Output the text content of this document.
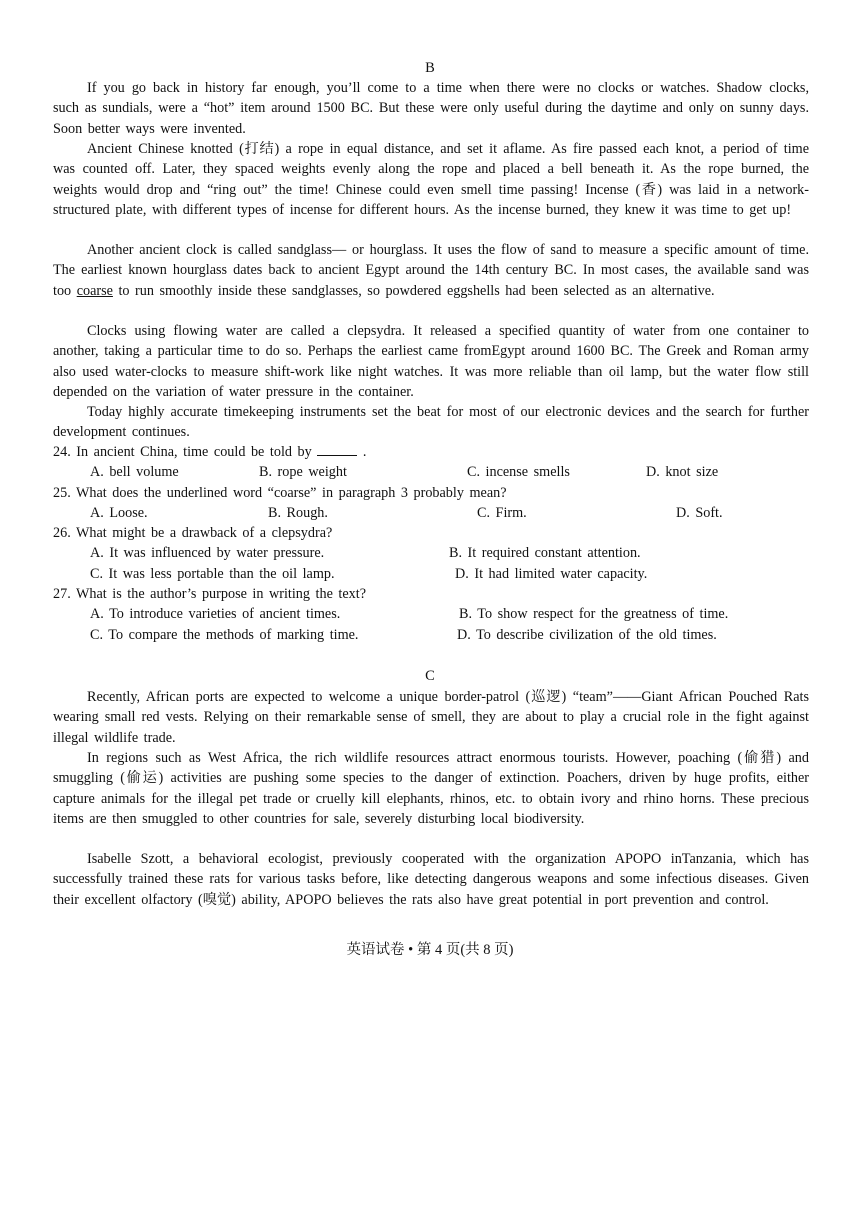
B

If you go back in history far enough, you’ll come to a time when there were no clocks or watches. Shadow clocks, such as sundials, were a “hot” item around 1500 BC. But these were only useful during the daytime and only on sunny days. Soon better ways were invented.

Ancient Chinese knotted (打结) a rope in equal distance, and set it aflame. As fire passed each knot, a period of time was counted off. Later, they spaced weights evenly along the rope and placed a bell beneath it. As the rope burned, the weights would drop and “ring out” the time! Chinese could even smell time passing! Incense (香) was laid in a network-structured plate, with different types of incense for different hours. As the incense burned, they knew it was time to get up!

Another ancient clock is called sandglass— or hourglass. It uses the flow of sand to measure a specific amount of time. The earliest known hourglass dates back to ancient Egypt around the 14th century BC. In most cases, the available sand was too coarse to run smoothly inside these sandglasses, so powdered eggshells had been selected as an alternative.

Clocks using flowing water are called a clepsydra. It released a specified quantity of water from one container to another, taking a particular time to do so. Perhaps the earliest came fromEgypt around 1600 BC. The Greek and Roman army also used water-clocks to measure shift-work like night watches. It was more reliable than oil lamp, but the water flow still depended on the variation of water pressure in the container.

Today highly accurate timekeeping instruments set the beat for most of our electronic devices and the search for further development continues.

24. In ancient China, time could be told by	.
A. bell volume	B. rope weight	C. incense smells	D. knot size
25. What does the underlined word “coarse” in paragraph 3 probably mean?
A. Loose.	B. Rough.	C. Firm.	D. Soft.
26. What might be a drawback of a clepsydra?
A. It was influenced by water pressure.	B. It required constant attention.
C. It was less portable than the oil lamp.	D. It had limited water capacity.
27. What is the author’s purpose in writing the text?
A. To introduce varieties of ancient times.	B. To show respect for the greatness of time.
C. To compare the methods of marking time.	D. To describe civilization of the old times.
C

Recently, African ports are expected to welcome a unique border-patrol (巡逻) “team”——Giant African Pouched Rats wearing small red vests. Relying on their remarkable sense of smell, they are about to play a crucial role in the fight against illegal wildlife trade.

In regions such as West Africa, the rich wildlife resources attract enormous tourists. However, poaching (偷猎) and smuggling (偷运) activities are pushing some species to the danger of extinction. Poachers, driven by huge profits, either capture animals for the illegal pet trade or cruelly kill elephants, rhinos, etc. to obtain ivory and rhino horns. These precious items are then smuggled to other countries for sale, severely disturbing local biodiversity.

Isabelle Szott, a behavioral ecologist, previously cooperated with the organization APOPO inTanzania, which has successfully trained these rats for various tasks before, like detecting dangerous weapons and some infectious diseases. Given their excellent olfactory (嗅觉) ability, APOPO believes the rats also have great potential in port prevention and control.

英语试卷 • 第 4 页(共 8 页)
